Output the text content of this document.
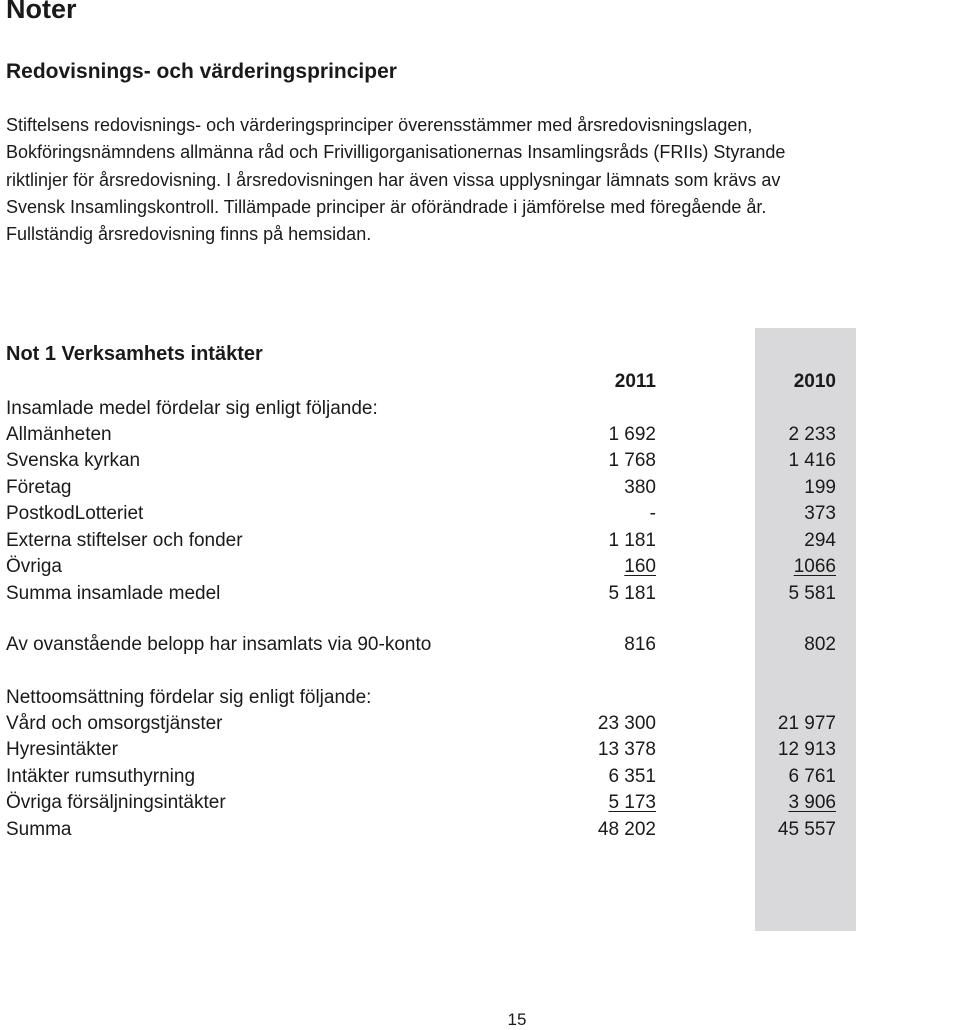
Noter
Redovisnings- och värderingsprinciper
Stiftelsens redovisnings- och värderingsprinciper överensstämmer med årsredovisningslagen,
Bokföringsnämndens allmänna råd och Frivilligorganisationernas Insamlingsråds (FRIIs) Styrande
riktlinjer för årsredovisning. I årsredovisningen har även vissa upplysningar lämnats som krävs av
Svensk Insamlingskontroll. Tillämpade principer är oförändrade i jämförelse med föregående år.
Fullständig årsredovisning finns på hemsidan.
Not 1 Verksamhets intäkter
2011	2010
Insamlade medel fördelar sig enligt följande:
Allmänheten	1 692	2 233
Svenska kyrkan	1 768	1 416
Företag	380	199
PostkodLotteriet	-	373
Externa stiftelser och fonder	1 181	294
Övriga	160	1066
Summa insamlade medel	5 181	5 581
Av ovanstående belopp har insamlats via 90-konto	816	802
Nettoomsättning fördelar sig enligt följande:
Vård och omsorgstjänster	23 300	21 977
Hyresintäkter	13 378	12 913
Intäkter rumsuthyrning	6 351	6 761
Övriga försäljningsintäkter	5 173	3 906
Summa	48 202	45 557
15
